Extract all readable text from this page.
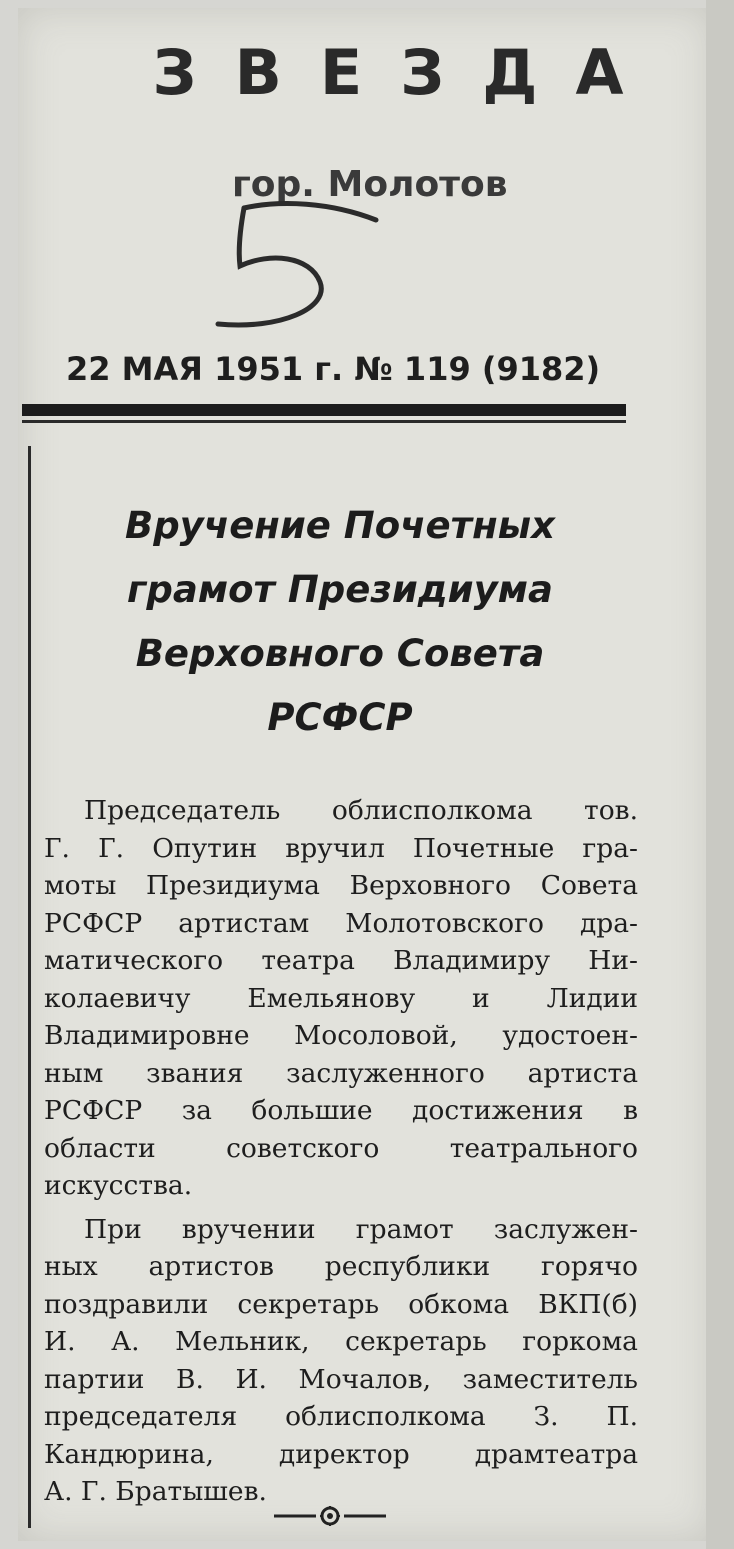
ЗВЕЗДА
гор. Молотов
22 МАЯ 1951 г. № 119 (9182)
Вручение Почетных
грамот Президиума
Верховного Совета
РСФСР
Председатель облисполкома тов.
Г. Г. Опутин вручил Почетные гра-
моты Президиума Верховного Совета
РСФСР артистам Молотовского дра-
матического театра Владимиру Ни-
колаевичу Емельянову и Лидии
Владимировне Мосоловой, удостоен-
ным звания заслуженного артиста
РСФСР за большие достижения в
области советского театрального
искусства.
При вручении грамот заслужен-
ных артистов республики горячо
поздравили секретарь обкома ВКП(б)
И. А. Мельник, секретарь горкома
партии В. И. Мочалов, заместитель
председателя облисполкома З. П.
Кандюрина, директор драмтеатра
А. Г. Братышев.
